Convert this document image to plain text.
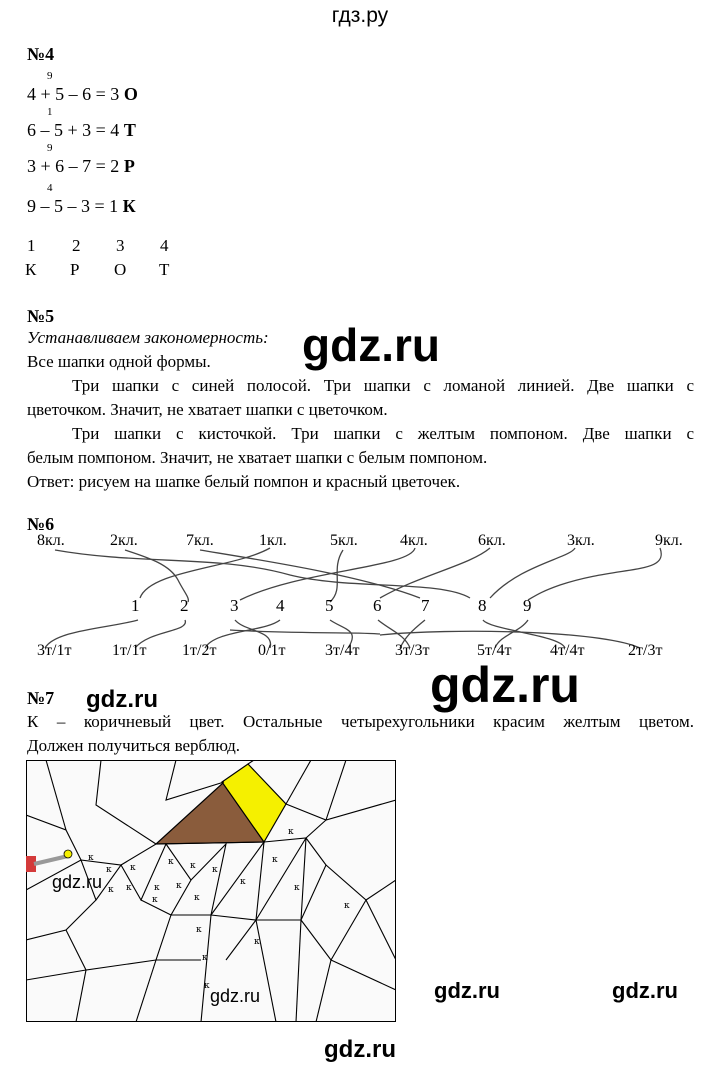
гдз.ру
№4
9
4 + 5 – 6 = 3 О
1
6 – 5 + 3 = 4 Т
9
3 + 6 – 7 = 2 Р
4
9 – 5 – 3 = 1 К
1 2 3 4
К Р О Т
№5
Устанавливаем закономерность:
Все шапки одной формы.
Три шапки с синей полосой. Три шапки с ломаной линией. Две шапки с
цветочком. Значит, не хватает шапки с цветочком.
Три шапки с кисточкой. Три шапки с желтым помпоном. Две шапки с
белым помпоном. Значит, не хватает шапки с белым помпоном.
Ответ: рисуем на шапке белый помпон и красный цветочек.
gdz.ru
№6
8кл.	2кл.	7кл.	1кл.	5кл.	4кл.	6кл.	3кл.	9кл.
1 2 3 4 5 6 7	8 9
3т/1т	1т/1т 1т/2т	0/1т 3т/4т 3т/3т	5т/4т 4т/4т	2т/3т
gdz.ru
№7 gdz.ru
К – коричневый цвет. Остальные четырехугольники красим желтым цветом.
Должен получиться верблюд.
к
к
к к
к к к
к
к к к к	к
к
к	к
к
к
к
к
к
gdz.ru
gdz.ru	gdz.ru	gdz.ru
gdz.ru
